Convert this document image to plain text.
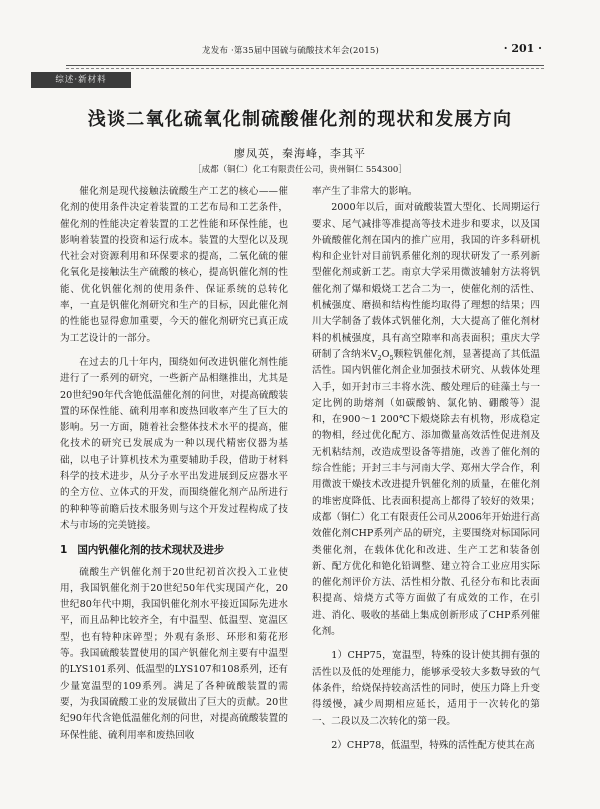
龙发布 ·第35届中国硫与硫酸技术年会(2015)	· 201 ·
综述·新材料
浅谈二氧化硫氧化制硫酸催化剂的现状和发展方向
廖凤英，秦海峰，李其平
［成都（铜仁）化工有限责任公司，贵州铜仁 554300］

催化剂是现代接触法硫酸生产工艺的核心——催化剂的使用条件决定着装置的工艺布局和工艺条件，催化剂的性能决定着装置的工艺性能和环保性能，也影响着装置的投资和运行成本。装置的大型化以及现代社会对资源利用和环保要求的提高，二氧化硫的催化氧化是接触法生产硫酸的核心，提高钒催化剂的性能、优化钒催化剂的使用条件、保证系统的总转化率，一直是钒催化剂研究和生产的目标，因此催化剂的性能也显得愈加重要，今天的催化剂研究已真正成为工艺设计的一部分。

在过去的几十年内，围绕如何改进钒催化剂性能进行了一系列的研究，一些新产品相继推出，尤其是20世纪90年代含铯低温催化剂的问世，对提高硫酸装置的环保性能、硫利用率和废热回收率产生了巨大的影响。另一方面，随着社会整体技术水平的提高，催化技术的研究已发展成为一种以现代精密仪器为基础，以电子计算机技术为重要辅助手段，借助于材料科学的技术进步，从分子水平出发进展到反应器水平的全方位、立体式的开发，而围绕催化剂产品所进行的种种等前瞻后技术服务则与这个开发过程构成了技术与市场的完美链接。

1 国内钒催化剂的技术现状及进步

硫酸生产钒催化剂于20世纪初首次投入工业使用，我国钒催化剂于20世纪50年代实现国产化，20世纪80年代中期，我国钒催化剂水平接近国际先进水平，而且品种比较齐全，有中温型、低温型、宽温区型，也有特种床碎型；外观有条形、环形和菊花形等。我国硫酸装置使用的国产钒催化剂主要有中温型的LYS101系列、低温型的LYS107和108系列，还有少量宽温型的109系列。满足了各种硫酸装置的需要，为我国硫酸工业的发展做出了巨大的贡献。20世纪90年代含铯低温催化剂的问世，对提高硫酸装置的环保性能、硫利用率和废热回收

率产生了非常大的影响。

2000年以后，面对硫酸装置大型化、长周期运行要求、尾气减排等准提高等技术进步和要求，以及国外硫酸催化剂在国内的推广应用，我国的许多科研机构和企业针对目前钒系催化剂的现状研发了一系列新型催化剂或新工艺。南京大学采用微波辅射方法将钒催化剂了爆和煅烧工艺合二为一，使催化剂的活性、机械强度、磨损和结构性能均取得了理想的结果；四川大学制备了载体式钒催化剂，大大提高了催化剂材料的机械强度，具有高空隙率和高表面积；重庆大学研制了含纳米$V_2O_5$颗粒钒催化剂，显著提高了其低温活性。国内钒催化剂企业加强技术研究、从载体处理入手，如开封市三丰将水洗、酸处理后的硅藻土与一定比例的助熔剂（如碳酸钠、氯化钠、硼酸等）混和，在900～1 200℃下煅烧除去有机物，形成稳定的物相，经过优化配方、添加微量高效活性促进剂及无机粘结剂，改造成型设备等措施，改善了催化剂的综合性能；开封三丰与河南大学、郑州大学合作，利用微波干燥技术改进提升钒催化剂的质量，在催化剂的堆密度降低、比表面积提高上都得了较好的效果；成都（铜仁）化工有限责任公司从2006年开始进行高效催化剂CHP系列产品的研究，主要围绕对标国际同类催化剂，在载体优化和改进、生产工艺和装备创新、配方优化和铯化铅调整、建立符合工业应用实际的催化剂评价方法、活性相分散、孔径分布和比表面积提高、焙烧方式等方面做了有成效的工作，在引进、消化、吸收的基础上集成创新形成了CHP系列催化剂。

1）CHP75，宽温型，特殊的设计使其拥有强的活性以及低的处理能力，能够承受较大多数导致的气体条件，给烧保持较高活性的同时，使压力降上升变得缓慢，减少周期相应延长，适用于一次转化的第一、二段以及二次转化的第一段。

2）CHP78，低温型，特殊的活性配方使其在高
